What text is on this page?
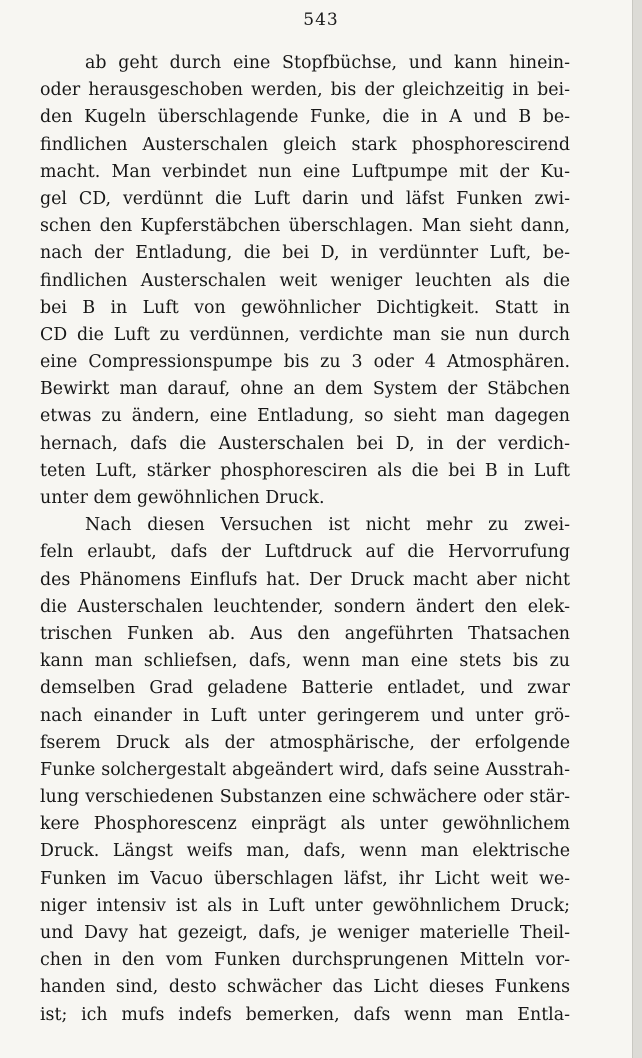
543
ab geht durch eine Stopfbüchse, und kann hinein-
oder herausgeschoben werden, bis der gleichzeitig in bei-
den Kugeln überschlagende Funke, die in A und B be-
findlichen Austerschalen gleich stark phosphorescirend
macht. Man verbindet nun eine Luftpumpe mit der Ku-
gel CD, verdünnt die Luft darin und läfst Funken zwi-
schen den Kupferstäbchen überschlagen. Man sieht dann,
nach der Entladung, die bei D, in verdünnter Luft, be-
findlichen Austerschalen weit weniger leuchten als die
bei B in Luft von gewöhnlicher Dichtigkeit. Statt in
CD die Luft zu verdünnen, verdichte man sie nun durch
eine Compressionspumpe bis zu 3 oder 4 Atmosphären.
Bewirkt man darauf, ohne an dem System der Stäbchen
etwas zu ändern, eine Entladung, so sieht man dagegen
hernach, dafs die Austerschalen bei D, in der verdich-
teten Luft, stärker phosphoresciren als die bei B in Luft
unter dem gewöhnlichen Druck.
Nach diesen Versuchen ist nicht mehr zu zwei-
feln erlaubt, dafs der Luftdruck auf die Hervorrufung
des Phänomens Einflufs hat. Der Druck macht aber nicht
die Austerschalen leuchtender, sondern ändert den elek-
trischen Funken ab. Aus den angeführten Thatsachen
kann man schliefsen, dafs, wenn man eine stets bis zu
demselben Grad geladene Batterie entladet, und zwar
nach einander in Luft unter geringerem und unter grö-
fserem Druck als der atmosphärische, der erfolgende
Funke solchergestalt abgeändert wird, dafs seine Ausstrah-
lung verschiedenen Substanzen eine schwächere oder stär-
kere Phosphorescenz einprägt als unter gewöhnlichem
Druck. Längst weifs man, dafs, wenn man elektrische
Funken im Vacuo überschlagen läfst, ihr Licht weit we-
niger intensiv ist als in Luft unter gewöhnlichem Druck;
und Davy hat gezeigt, dafs, je weniger materielle Theil-
chen in den vom Funken durchsprungenen Mitteln vor-
handen sind, desto schwächer das Licht dieses Funkens
ist; ich mufs indefs bemerken, dafs wenn man Entla-
